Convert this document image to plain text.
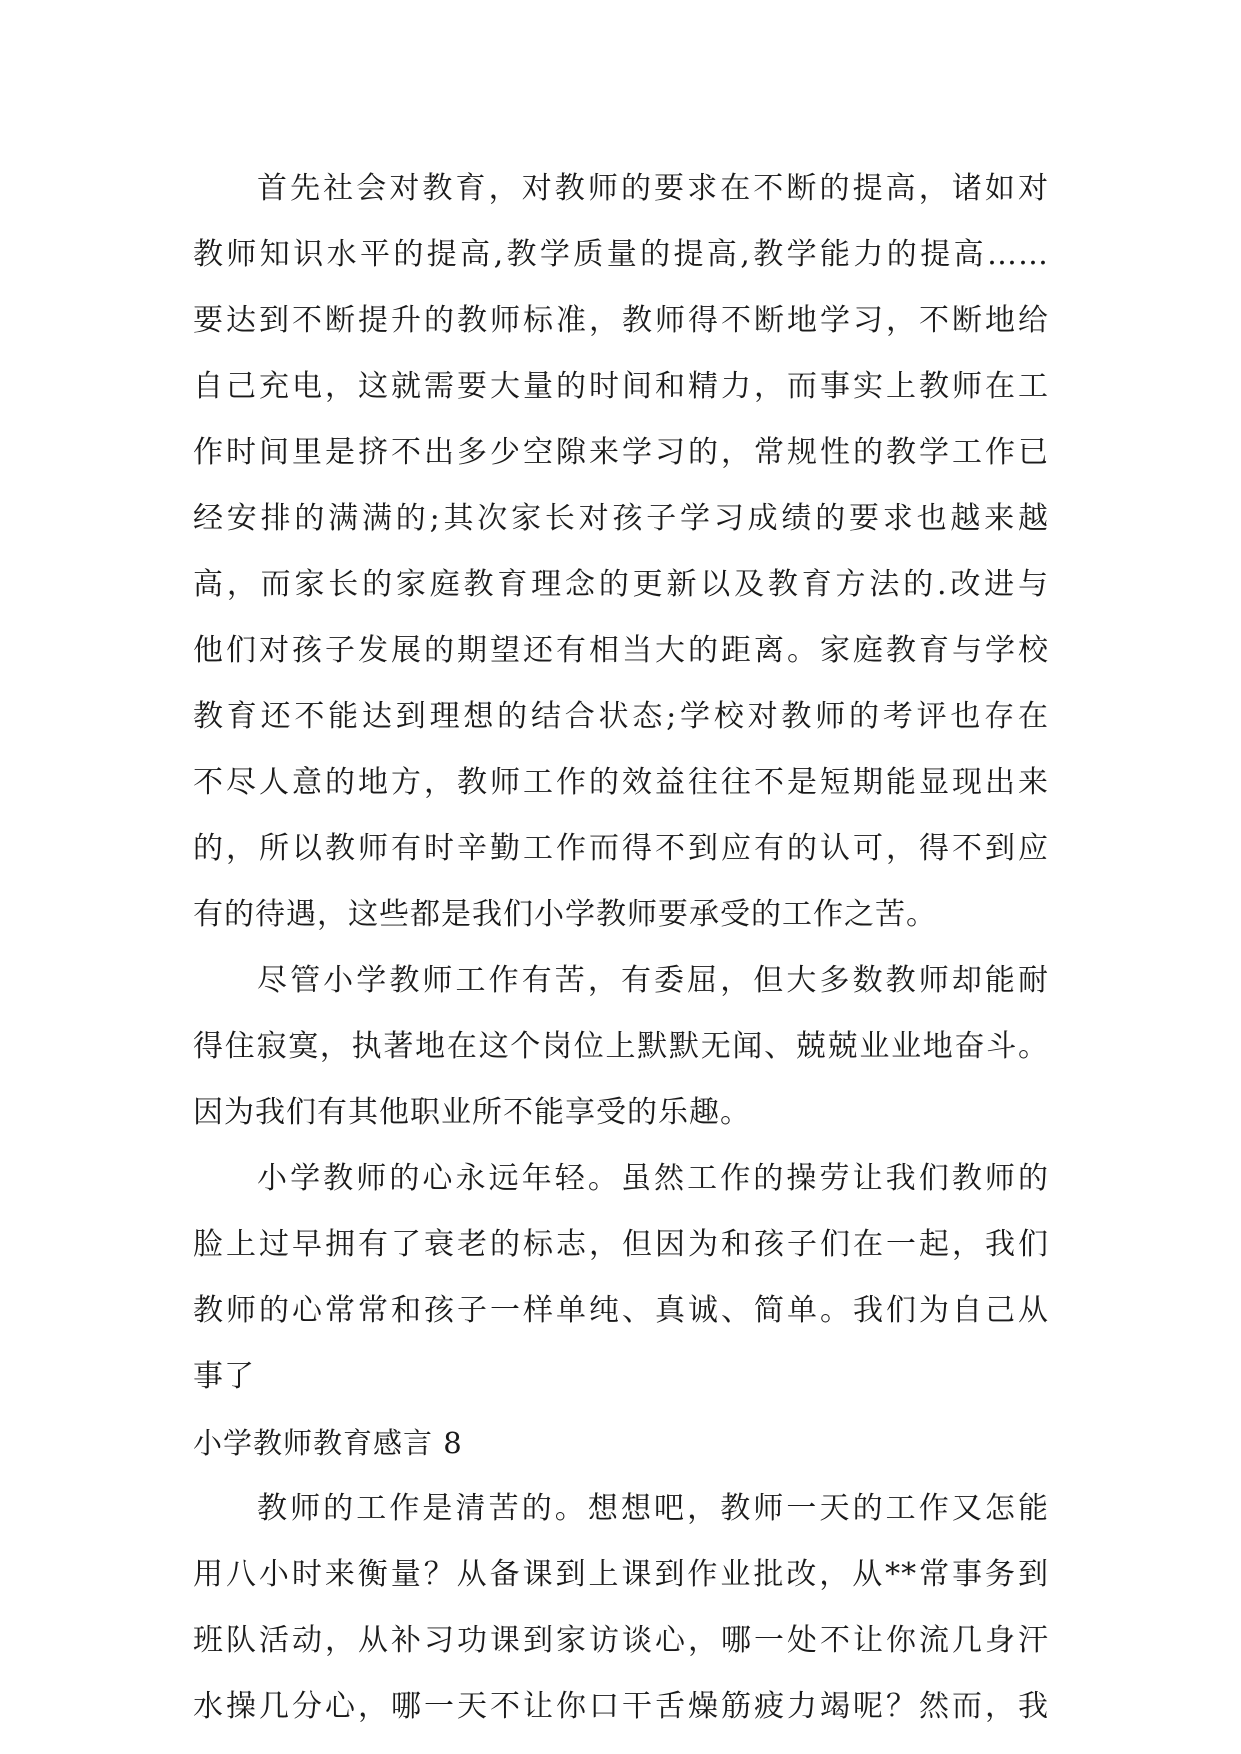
首先社会对教育，对教师的要求在不断的提高，诸如对
教师知识水平的提高,教学质量的提高,教学能力的提高……
要达到不断提升的教师标准，教师得不断地学习，不断地给
自己充电，这就需要大量的时间和精力，而事实上教师在工
作时间里是挤不出多少空隙来学习的，常规性的教学工作已
经安排的满满的;其次家长对孩子学习成绩的要求也越来越
高，而家长的家庭教育理念的更新以及教育方法的.改进与
他们对孩子发展的期望还有相当大的距离。家庭教育与学校
教育还不能达到理想的结合状态;学校对教师的考评也存在
不尽人意的地方，教师工作的效益往往不是短期能显现出来
的，所以教师有时辛勤工作而得不到应有的认可，得不到应
有的待遇，这些都是我们小学教师要承受的工作之苦。
尽管小学教师工作有苦，有委屈，但大多数教师却能耐
得住寂寞，执著地在这个岗位上默默无闻、兢兢业业地奋斗。
因为我们有其他职业所不能享受的乐趣。
小学教师的心永远年轻。虽然工作的操劳让我们教师的
脸上过早拥有了衰老的标志，但因为和孩子们在一起，我们
教师的心常常和孩子一样单纯、真诚、简单。我们为自己从
事了
小学教师教育感言 8
教师的工作是清苦的。想想吧，教师一天的工作又怎能
用八小时来衡量？从备课到上课到作业批改，从**常事务到
班队活动，从补习功课到家访谈心，哪一处不让你流几身汗
水操几分心，哪一天不让你口干舌燥筋疲力竭呢？然而，我
